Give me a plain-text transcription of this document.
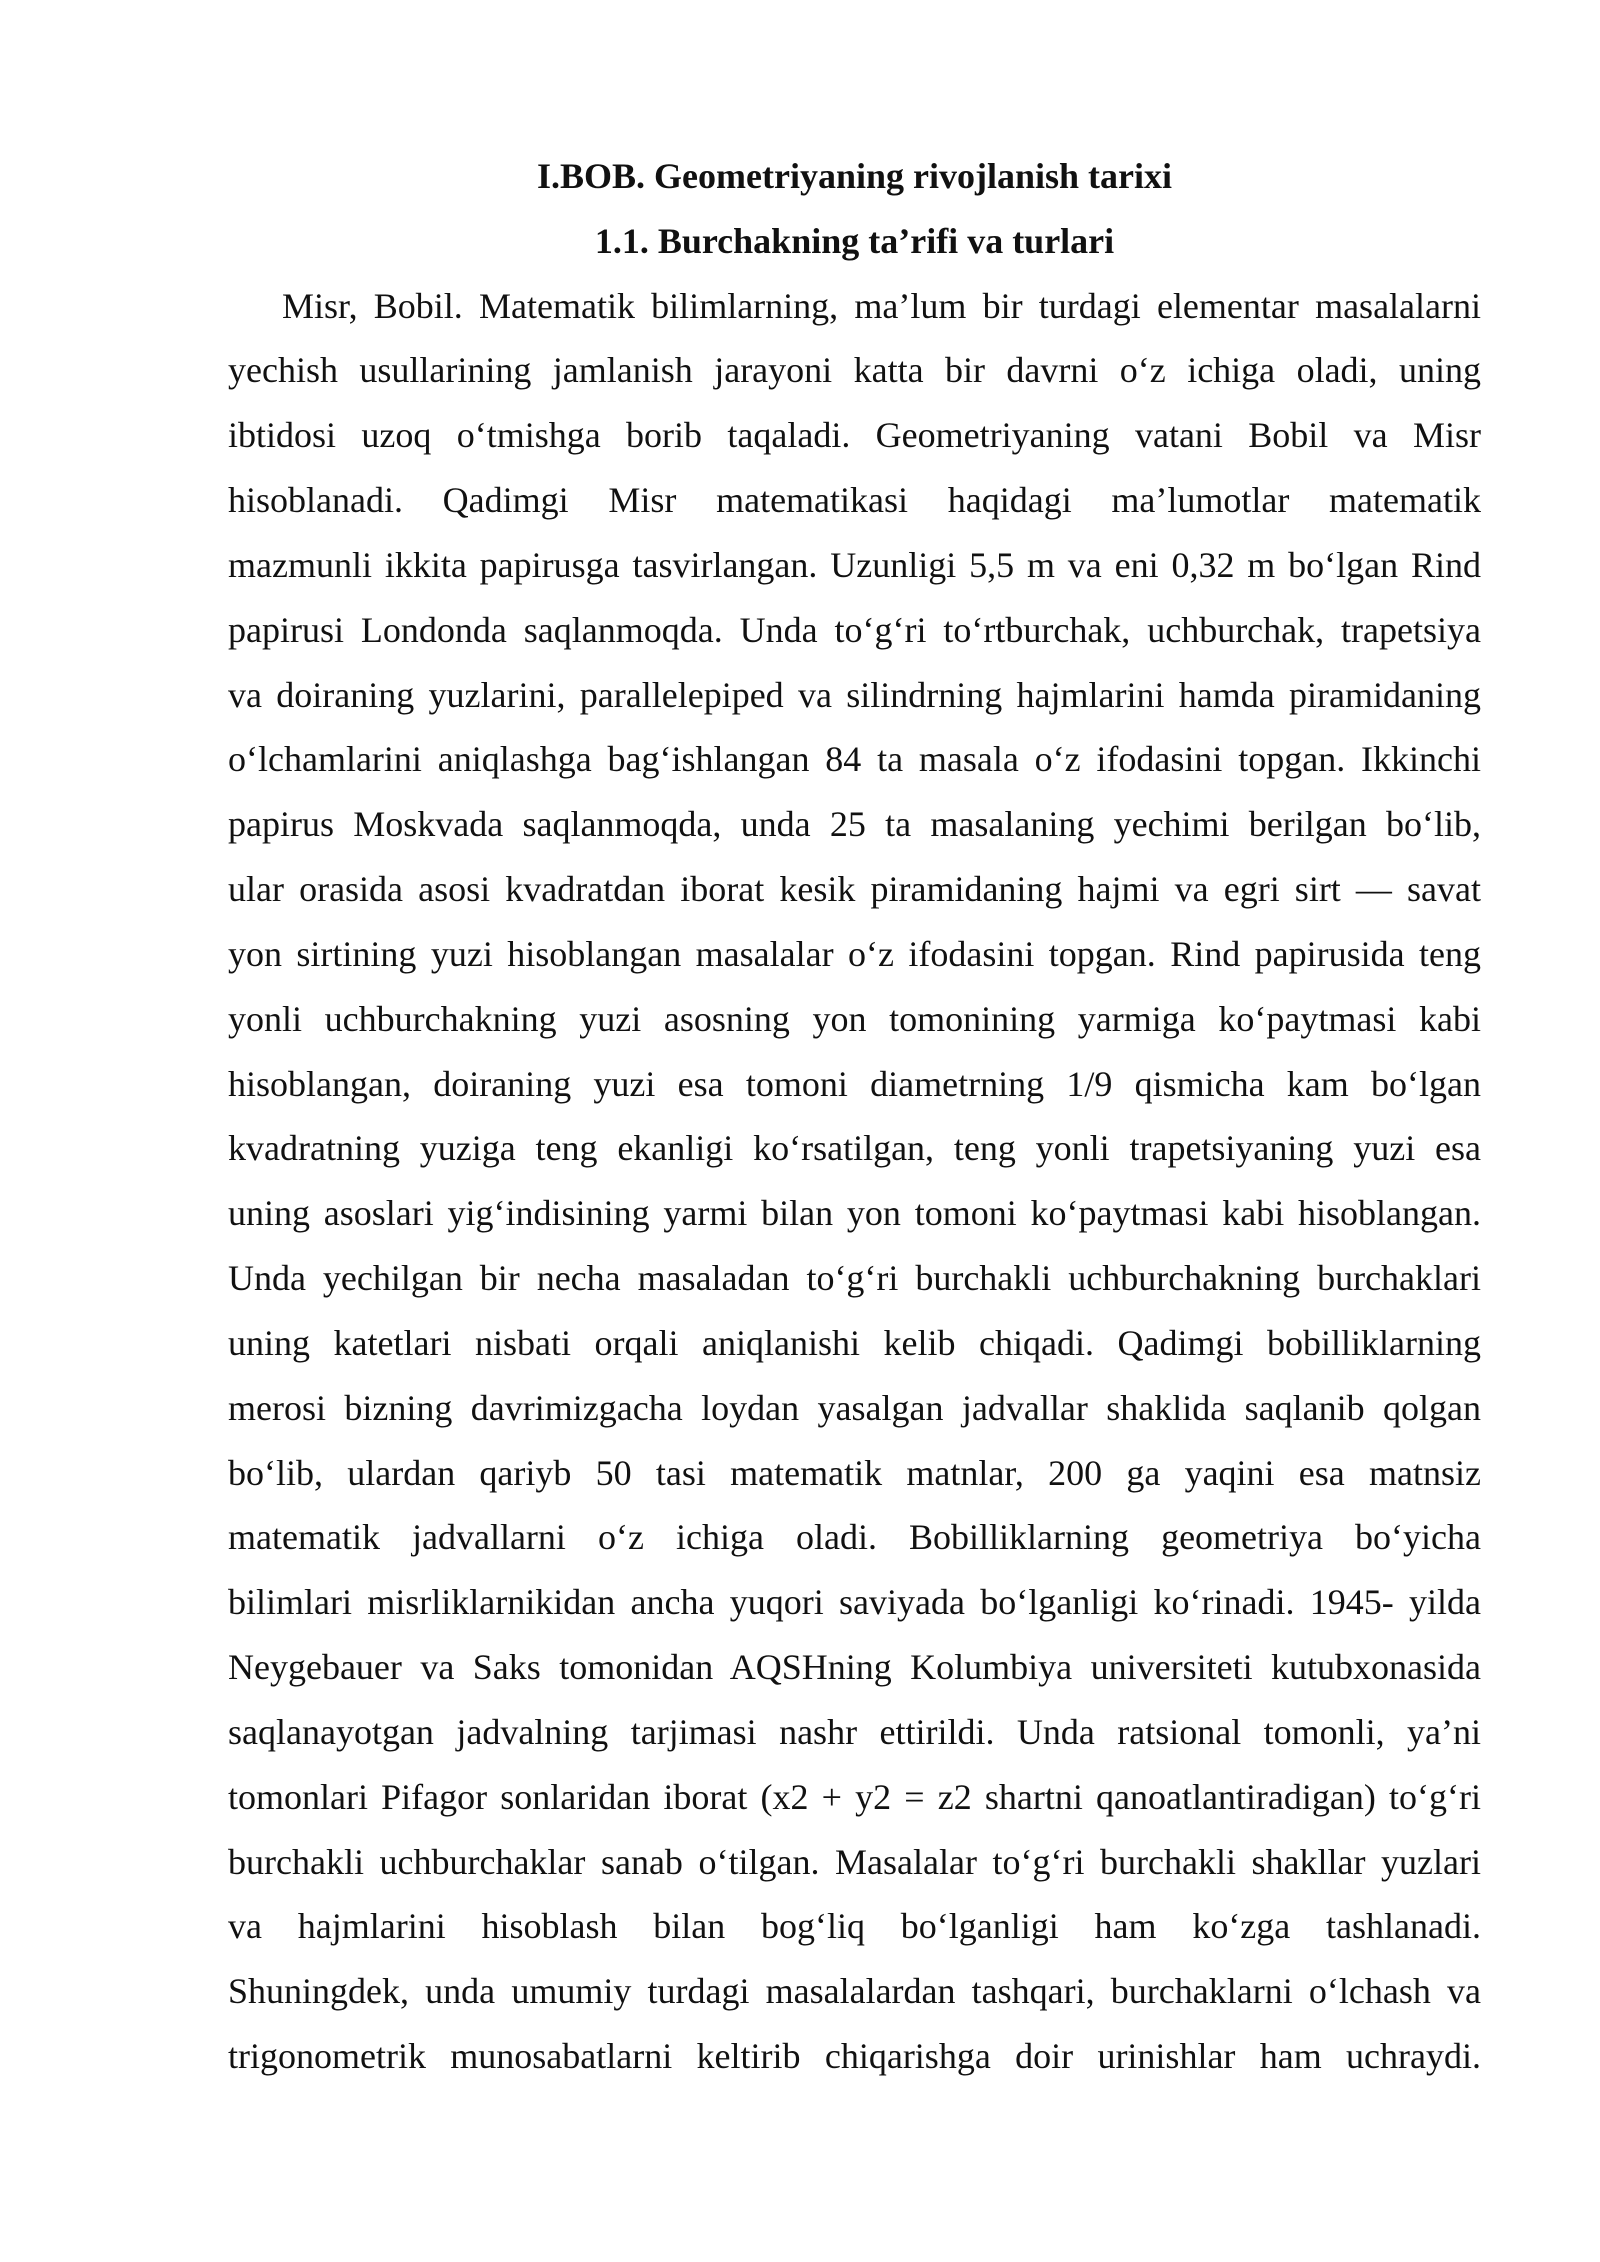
I.BOB. Geometriyaning rivojlanish tarixi
1.1. Burchakning ta’rifi va turlari
Misr, Bobil. Matematik bilimlarning, ma’lum bir turdagi elementar masalalarni
yechish usullarining jamlanish jarayoni katta bir davrni o‘z ichiga oladi, uning
ibtidosi uzoq o‘tmishga borib taqaladi. Geometriyaning vatani Bobil va Misr
hisoblanadi. Qadimgi Misr matematikasi haqidagi ma’lumotlar matematik
mazmunli ikkita papirusga tasvirlangan. Uzunligi 5,5 m va eni 0,32 m bo‘lgan Rind
papirusi Londonda saqlanmoqda. Unda to‘g‘ri to‘rtburchak, uchburchak, trapetsiya
va doiraning yuzlarini, parallelepiped va silindrning hajmlarini hamda piramidaning
o‘lchamlarini aniqlashga bag‘ishlangan 84 ta masala o‘z ifodasini topgan. Ikkinchi
papirus Moskvada saqlanmoqda, unda 25 ta masalaning yechimi berilgan bo‘lib,
ular orasida asosi kvadratdan iborat kesik piramidaning hajmi va egri sirt — savat
yon sirtining yuzi hisoblangan masalalar o‘z ifodasini topgan. Rind papirusida teng
yonli uchburchakning yuzi asosning yon tomonining yarmiga ko‘paytmasi kabi
hisoblangan, doiraning yuzi esa tomoni diametrning 1/9 qismicha kam bo‘lgan
kvadratning yuziga teng ekanligi ko‘rsatilgan, teng yonli trapetsiyaning yuzi esa
uning asoslari yig‘indisining yarmi bilan yon tomoni ko‘paytmasi kabi hisoblangan.
Unda yechilgan bir necha masaladan to‘g‘ri burchakli uchburchakning burchaklari
uning katetlari nisbati orqali aniqlanishi kelib chiqadi. Qadimgi bobilliklarning
merosi bizning davrimizgacha loydan yasalgan jadvallar shaklida saqlanib qolgan
bo‘lib, ulardan qariyb 50 tasi matematik matnlar, 200 ga yaqini esa matnsiz
matematik jadvallarni o‘z ichiga oladi. Bobilliklarning geometriya bo‘yicha
bilimlari misrliklarnikidan ancha yuqori saviyada bo‘lganligi ko‘rinadi. 1945- yilda
Neygebauer va Saks tomonidan AQSHning Kolumbiya universiteti kutubxonasida
saqlanayotgan jadvalning tarjimasi nashr ettirildi. Unda ratsional tomonli, ya’ni
tomonlari Pifagor sonlaridan iborat (x2 + y2 = z2 shartni qanoatlantiradigan) to‘g‘ri
burchakli uchburchaklar sanab o‘tilgan. Masalalar to‘g‘ri burchakli shakllar yuzlari
va hajmlarini hisoblash bilan bog‘liq bo‘lganligi ham ko‘zga tashlanadi.
Shuningdek, unda umumiy turdagi masalalardan tashqari, burchaklarni o‘lchash va
trigonometrik munosabatlarni keltirib chiqarishga doir urinishlar ham uchraydi.
